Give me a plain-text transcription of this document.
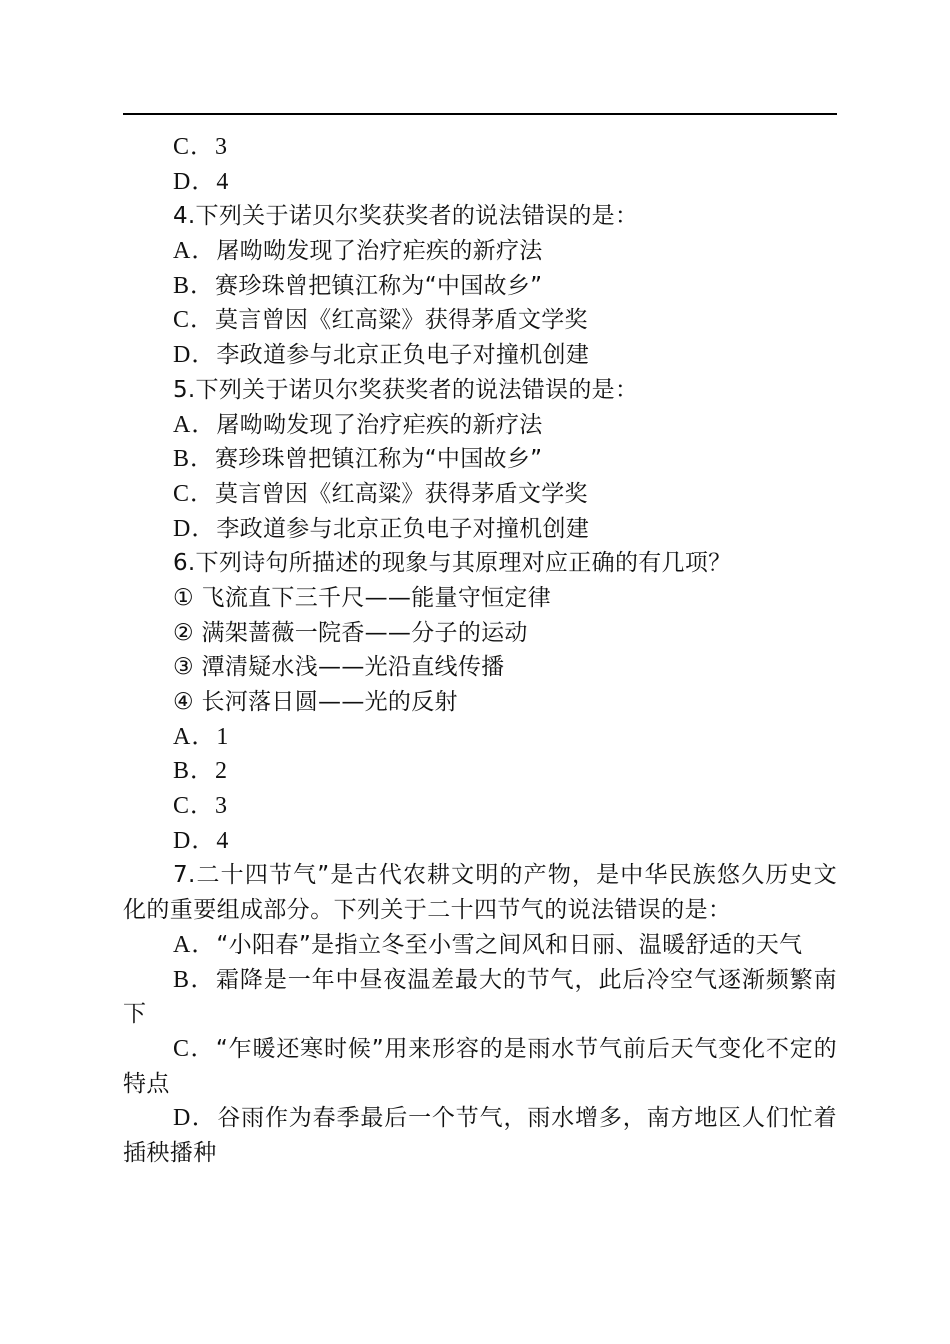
C．3
D．4
4.下列关于诺贝尔奖获奖者的说法错误的是：
A．屠呦呦发现了治疗疟疾的新疗法
B．赛珍珠曾把镇江称为“中国故乡”
C．莫言曾因《红高粱》获得茅盾文学奖
D．李政道参与北京正负电子对撞机创建
5.下列关于诺贝尔奖获奖者的说法错误的是：
A．屠呦呦发现了治疗疟疾的新疗法
B．赛珍珠曾把镇江称为“中国故乡”
C．莫言曾因《红高粱》获得茅盾文学奖
D．李政道参与北京正负电子对撞机创建
6.下列诗句所描述的现象与其原理对应正确的有几项？
① 飞流直下三千尺——能量守恒定律
② 满架蔷薇一院香——分子的运动
③ 潭清疑水浅——光沿直线传播
④ 长河落日圆——光的反射
A．1
B．2
C．3
D．4

7.二十四节气”是古代农耕文明的产物，是中华民族悠久历史文化的重要组成部分。下列关于二十四节气的说法错误的是：

A．“小阳春”是指立冬至小雪之间风和日丽、温暖舒适的天气

B．霜降是一年中昼夜温差最大的节气，此后冷空气逐渐频繁南下

C．“乍暖还寒时候”用来形容的是雨水节气前后天气变化不定的特点

D．谷雨作为春季最后一个节气，雨水增多，南方地区人们忙着插秧播种
